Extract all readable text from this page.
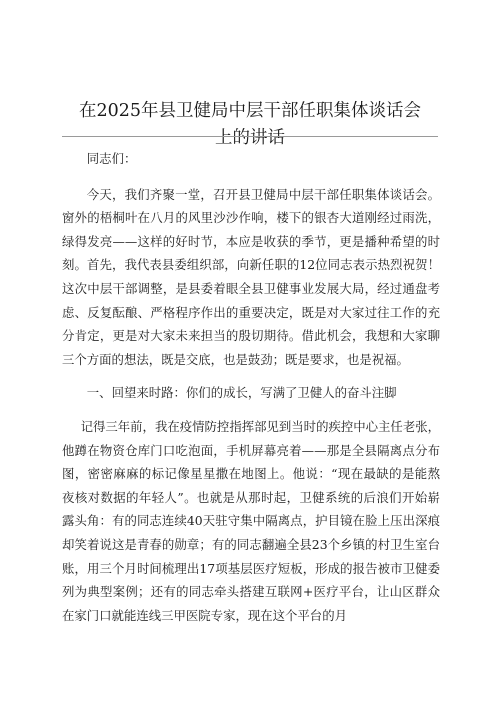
在2025年县卫健局中层干部任职集体谈话会
上的讲话

同志们：

今天，我们齐聚一堂，召开县卫健局中层干部任职集体谈话会。窗外的梧桐叶在八月的风里沙沙作响，楼下的银杏大道刚经过雨洗，绿得发亮——这样的好时节，本应是收获的季节，更是播种希望的时刻。首先，我代表县委组织部，向新任职的12位同志表示热烈祝贺！这次中层干部调整，是县委着眼全县卫健事业发展大局，经过通盘考虑、反复酝酿、严格程序作出的重要决定，既是对大家过往工作的充分肯定，更是对大家未来担当的殷切期待。借此机会，我想和大家聊三个方面的想法，既是交底，也是鼓劲；既是要求，也是祝福。

一、回望来时路：你们的成长，写满了卫健人的奋斗注脚

记得三年前，我在疫情防控指挥部见到当时的疾控中心主任老张，他蹲在物资仓库门口吃泡面，手机屏幕亮着——那是全县隔离点分布图，密密麻麻的标记像星星撒在地图上。他说：“现在最缺的是能熬夜核对数据的年轻人”。也就是从那时起，卫健系统的后浪们开始崭露头角：有的同志连续40天驻守集中隔离点，护目镜在脸上压出深痕却笑着说这是青春的勋章；有的同志翻遍全县23个乡镇的村卫生室台账，用三个月时间梳理出17项基层医疗短板，形成的报告被市卫健委列为典型案例；还有的同志牵头搭建互联网+医疗平台，让山区群众在家门口就能连线三甲医院专家，现在这个平台的月
